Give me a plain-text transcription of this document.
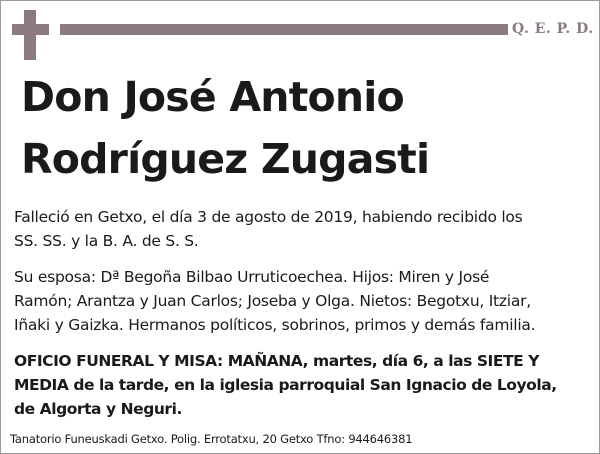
Q. E. P. D.
Don José Antonio
Rodríguez Zugasti
Falleció en Getxo, el día 3 de agosto de 2019, habiendo recibido los
SS. SS. y la B. A. de S. S.
Su esposa: Dª Begoña Bilbao Urruticoechea. Hijos: Miren y José
Ramón; Arantza y Juan Carlos; Joseba y Olga. Nietos: Begotxu, Itziar,
Iñaki y Gaizka. Hermanos políticos, sobrinos, primos y demás familia.
OFICIO FUNERAL Y MISA: MAÑANA, martes, día 6, a las SIETE Y
MEDIA de la tarde, en la iglesia parroquial San Ignacio de Loyola,
de Algorta y Neguri.
Tanatorio Funeuskadi Getxo. Polig. Errotatxu, 20 Getxo Tfno: 944646381
